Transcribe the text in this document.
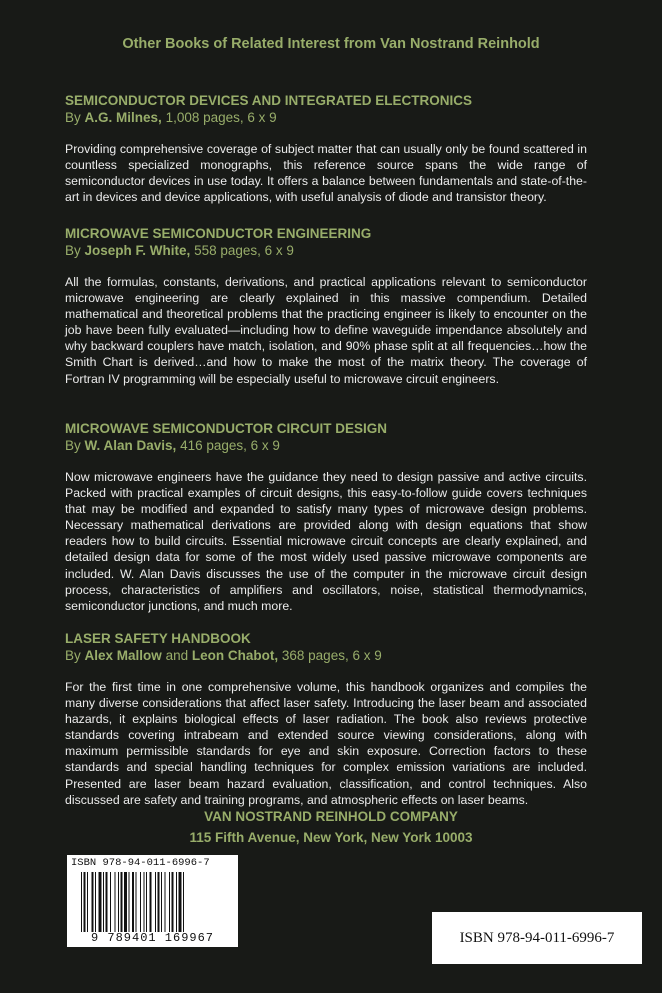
Other Books of Related Interest from Van Nostrand Reinhold
SEMICONDUCTOR DEVICES AND INTEGRATED ELECTRONICS
By A.G. Milnes, 1,008 pages, 6 x 9
Providing comprehensive coverage of subject matter that can usually only be found scattered in countless specialized monographs, this reference source spans the wide range of semiconductor devices in use today. It offers a balance between fundamentals and state-of-the-art in devices and device applications, with useful analysis of diode and transistor theory.
MICROWAVE SEMICONDUCTOR ENGINEERING
By Joseph F. White, 558 pages, 6 x 9
All the formulas, constants, derivations, and practical applications relevant to semiconductor microwave engineering are clearly explained in this massive compendium. Detailed mathematical and theoretical problems that the practicing engineer is likely to encounter on the job have been fully evaluated—including how to define waveguide impendance absolutely and why backward couplers have match, isolation, and 90% phase split at all frequencies…how the Smith Chart is derived…and how to make the most of the matrix theory. The coverage of Fortran IV programming will be especially useful to microwave circuit engineers.
MICROWAVE SEMICONDUCTOR CIRCUIT DESIGN
By W. Alan Davis, 416 pages, 6 x 9
Now microwave engineers have the guidance they need to design passive and active circuits. Packed with practical examples of circuit designs, this easy-to-follow guide covers techniques that may be modified and expanded to satisfy many types of microwave design problems. Necessary mathematical derivations are provided along with design equations that show readers how to build circuits. Essential microwave circuit concepts are clearly explained, and detailed design data for some of the most widely used passive microwave components are included. W. Alan Davis discusses the use of the computer in the microwave circuit design process, characteristics of amplifiers and oscillators, noise, statistical thermodynamics, semiconductor junctions, and much more.
LASER SAFETY HANDBOOK
By Alex Mallow and Leon Chabot, 368 pages, 6 x 9
For the first time in one comprehensive volume, this handbook organizes and compiles the many diverse considerations that affect laser safety. Introducing the laser beam and associated hazards, it explains biological effects of laser radiation. The book also reviews protective standards covering intrabeam and extended source viewing considerations, along with maximum permissible standards for eye and skin exposure. Correction factors to these standards and special handling techniques for complex emission variations are included. Presented are laser beam hazard evaluation, classification, and control techniques. Also discussed are safety and training programs, and atmospheric effects on laser beams.
VAN NOSTRAND REINHOLD COMPANY
115 Fifth Avenue, New York, New York 10003
ISBN 978-94-011-6996-7
9 789401 169967	ISBN 978-94-011-6996-7
